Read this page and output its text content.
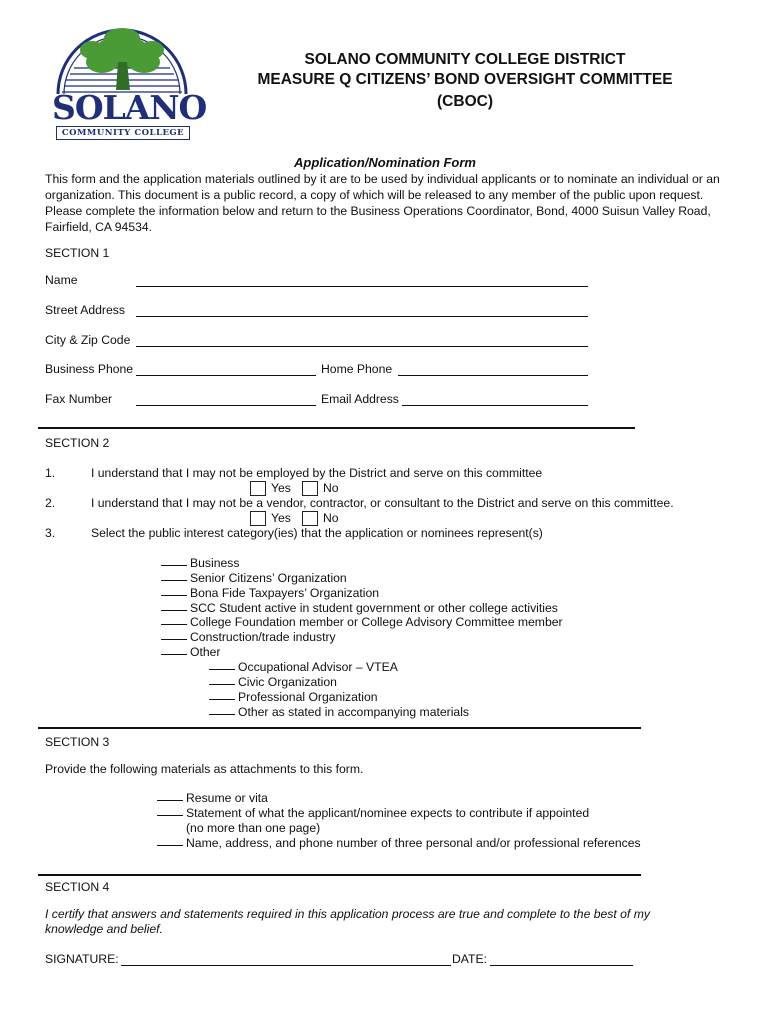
SOLANO
COMMUNITY COLLEGE
SOLANO COMMUNITY COLLEGE DISTRICT
MEASURE Q CITIZENS’ BOND OVERSIGHT COMMITTEE
(CBOC)
Application/Nomination Form
This form and the application materials outlined by it are to be used by individual applicants or to nominate an individual or an organization. This document is a public record, a copy of which will be released to any member of the public upon request. Please complete the information below and return to the Business Operations Coordinator, Bond, 4000 Suisun Valley Road, Fairfield, CA 94534.
SECTION 1
Name
Street Address
City & Zip Code
Business Phone	Home Phone
Fax Number	Email Address
SECTION 2
1.	I understand that I may not be employed by the District and serve on this committee
Yes	No
2.	I understand that I may not be a vendor, contractor, or consultant to the District and serve on this committee.
Yes	No
3.	Select the public interest category(ies) that the application or nominees represent(s)
Business
Senior Citizens’ Organization
Bona Fide Taxpayers’ Organization
SCC Student active in student government or other college activities
College Foundation member or College Advisory Committee member
Construction/trade industry
Other
Occupational Advisor – VTEA
Civic Organization
Professional Organization
Other as stated in accompanying materials
SECTION 3
Provide the following materials as attachments to this form.
Resume or vita
Statement of what the applicant/nominee expects to contribute if appointed
(no more than one page)
Name, address, and phone number of three personal and/or professional references
SECTION 4
I certify that answers and statements required in this application process are true and complete to the best of my
knowledge and belief.
SIGNATURE:	DATE:
